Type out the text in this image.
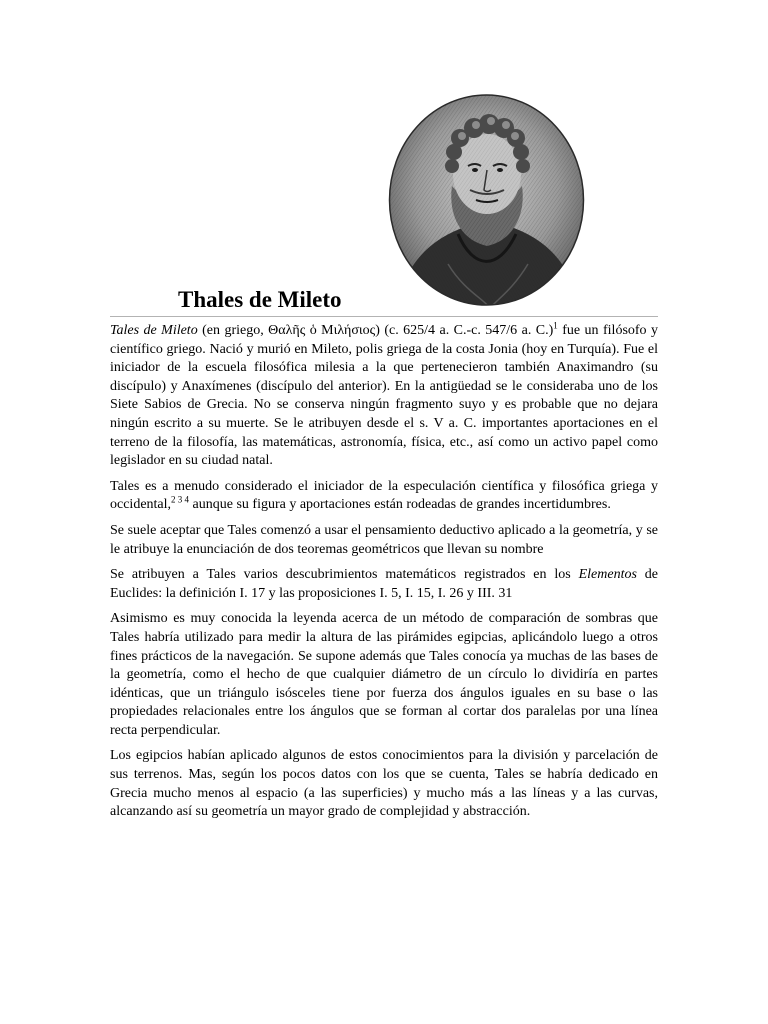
Thales de Mileto

Tales de Mileto (en griego, Θαλῆς ὁ Μιλήσιος) (c. 625/4 a. C.-c. 547/6 a. C.)$^1$ fue un filósofo y científico griego. Nació y murió en Mileto, polis griega de la costa Jonia (hoy en Turquía). Fue el iniciador de la escuela filosófica milesia a la que pertenecieron también Anaximandro (su discípulo) y Anaxímenes (discípulo del anterior). En la antigüedad se le consideraba uno de los Siete Sabios de Grecia. No se conserva ningún fragmento suyo y es probable que no dejara ningún escrito a su muerte. Se le atribuyen desde el s. V a. C. importantes aportaciones en el terreno de la filosofía, las matemáticas, astronomía, física, etc., así como un activo papel como legislador en su ciudad natal.

Tales es a menudo considerado el iniciador de la especulación científica y filosófica griega y occidental,$^{2 3 4}$ aunque su figura y aportaciones están rodeadas de grandes incertidumbres.

Se suele aceptar que Tales comenzó a usar el pensamiento deductivo aplicado a la geometría, y se le atribuye la enunciación de dos teoremas geométricos que llevan su nombre

Se atribuyen a Tales varios descubrimientos matemáticos registrados en los Elementos de Euclides: la definición I. 17 y las proposiciones I. 5, I. 15, I. 26 y III. 31

Asimismo es muy conocida la leyenda acerca de un método de comparación de sombras que Tales habría utilizado para medir la altura de las pirámides egipcias, aplicándolo luego a otros fines prácticos de la navegación. Se supone además que Tales conocía ya muchas de las bases de la geometría, como el hecho de que cualquier diámetro de un círculo lo dividiría en partes idénticas, que un triángulo isósceles tiene por fuerza dos ángulos iguales en su base o las propiedades relacionales entre los ángulos que se forman al cortar dos paralelas por una línea recta perpendicular.

Los egipcios habían aplicado algunos de estos conocimientos para la división y parcelación de sus terrenos. Mas, según los pocos datos con los que se cuenta, Tales se habría dedicado en Grecia mucho menos al espacio (a las superficies) y mucho más a las líneas y a las curvas, alcanzando así su geometría un mayor grado de complejidad y abstracción.
